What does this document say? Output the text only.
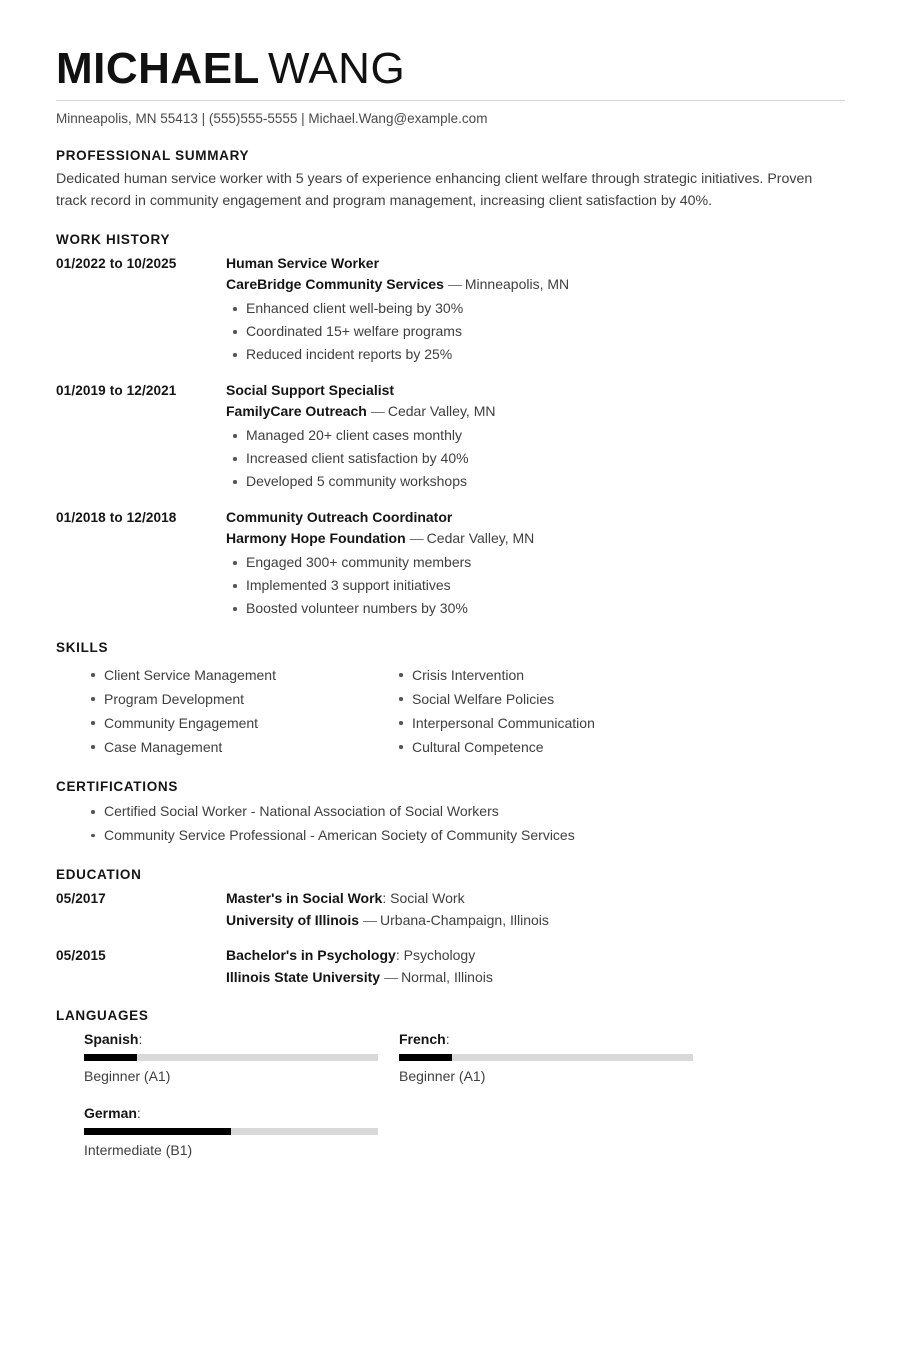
MICHAEL WANG
Minneapolis, MN 55413 | (555)555-5555 | Michael.Wang@example.com
PROFESSIONAL SUMMARY
Dedicated human service worker with 5 years of experience enhancing client welfare through strategic initiatives. Proven track record in community engagement and program management, increasing client satisfaction by 40%.
WORK HISTORY
01/2022 to 10/2025	Human Service Worker
CareBridge Community Services — Minneapolis, MN
Enhanced client well-being by 30%
Coordinated 15+ welfare programs
Reduced incident reports by 25%
01/2019 to 12/2021	Social Support Specialist
FamilyCare Outreach — Cedar Valley, MN
Managed 20+ client cases monthly
Increased client satisfaction by 40%
Developed 5 community workshops
01/2018 to 12/2018	Community Outreach Coordinator
Harmony Hope Foundation — Cedar Valley, MN
Engaged 300+ community members
Implemented 3 support initiatives
Boosted volunteer numbers by 30%
SKILLS
Client Service Management
Program Development
Community Engagement
Case Management
Crisis Intervention
Social Welfare Policies
Interpersonal Communication
Cultural Competence
CERTIFICATIONS
Certified Social Worker - National Association of Social Workers
Community Service Professional - American Society of Community Services
EDUCATION
05/2017	Master's in Social Work: Social Work
University of Illinois — Urbana-Champaign, Illinois
05/2015	Bachelor's in Psychology: Psychology
Illinois State University — Normal, Illinois
LANGUAGES
Spanish:
Beginner (A1)
French:
Beginner (A1)
German:
Intermediate (B1)
